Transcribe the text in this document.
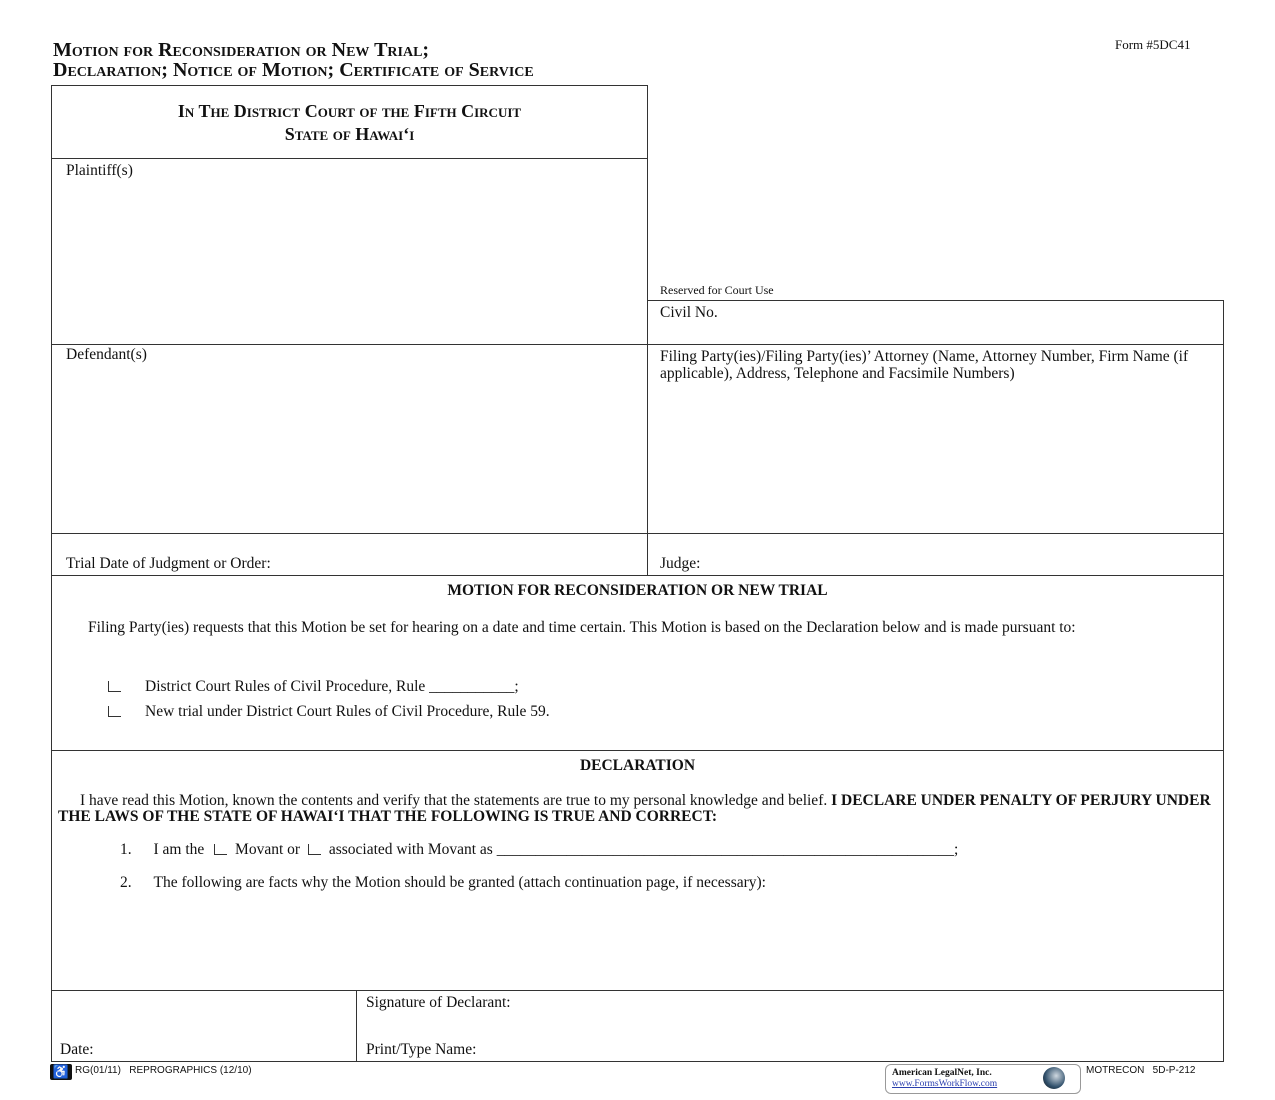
Motion for Reconsideration or New Trial;
Declaration; Notice of Motion; Certificate of Service
Form #5DC41
In The District Court of the Fifth Circuit
State of Hawai‘i
Plaintiff(s)
Defendant(s)
Reserved for Court Use
Civil No.
Filing Party(ies)/Filing Party(ies)’ Attorney (Name, Attorney Number, Firm Name (if applicable), Address, Telephone and Facsimile Numbers)
Trial Date of Judgment or Order:	Judge:
MOTION FOR RECONSIDERATION OR NEW TRIAL
Filing Party(ies) requests that this Motion be set for hearing on a date and time certain. This Motion is based on the Declaration below and is made pursuant to:
District Court Rules of Civil Procedure, Rule ___________;
New trial under District Court Rules of Civil Procedure, Rule 59.
DECLARATION
I have read this Motion, known the contents and verify that the statements are true to my personal knowledge and belief. I DECLARE UNDER PENALTY OF PERJURY UNDER THE LAWS OF THE STATE OF HAWAI‘I THAT THE FOLLOWING IS TRUE AND CORRECT:
1. I am the Movant or associated with Movant as ___________________________________________________________;
2. The following are facts why the Motion should be granted (attach continuation page, if necessary):
Signature of Declarant:
Date:	Print/Type Name:
♿ RG(01/11)   REPROGRAPHICS (12/10)	American LegalNet, Inc.
www.FormsWorkFlow.com
MOTRECON   5D-P-212
